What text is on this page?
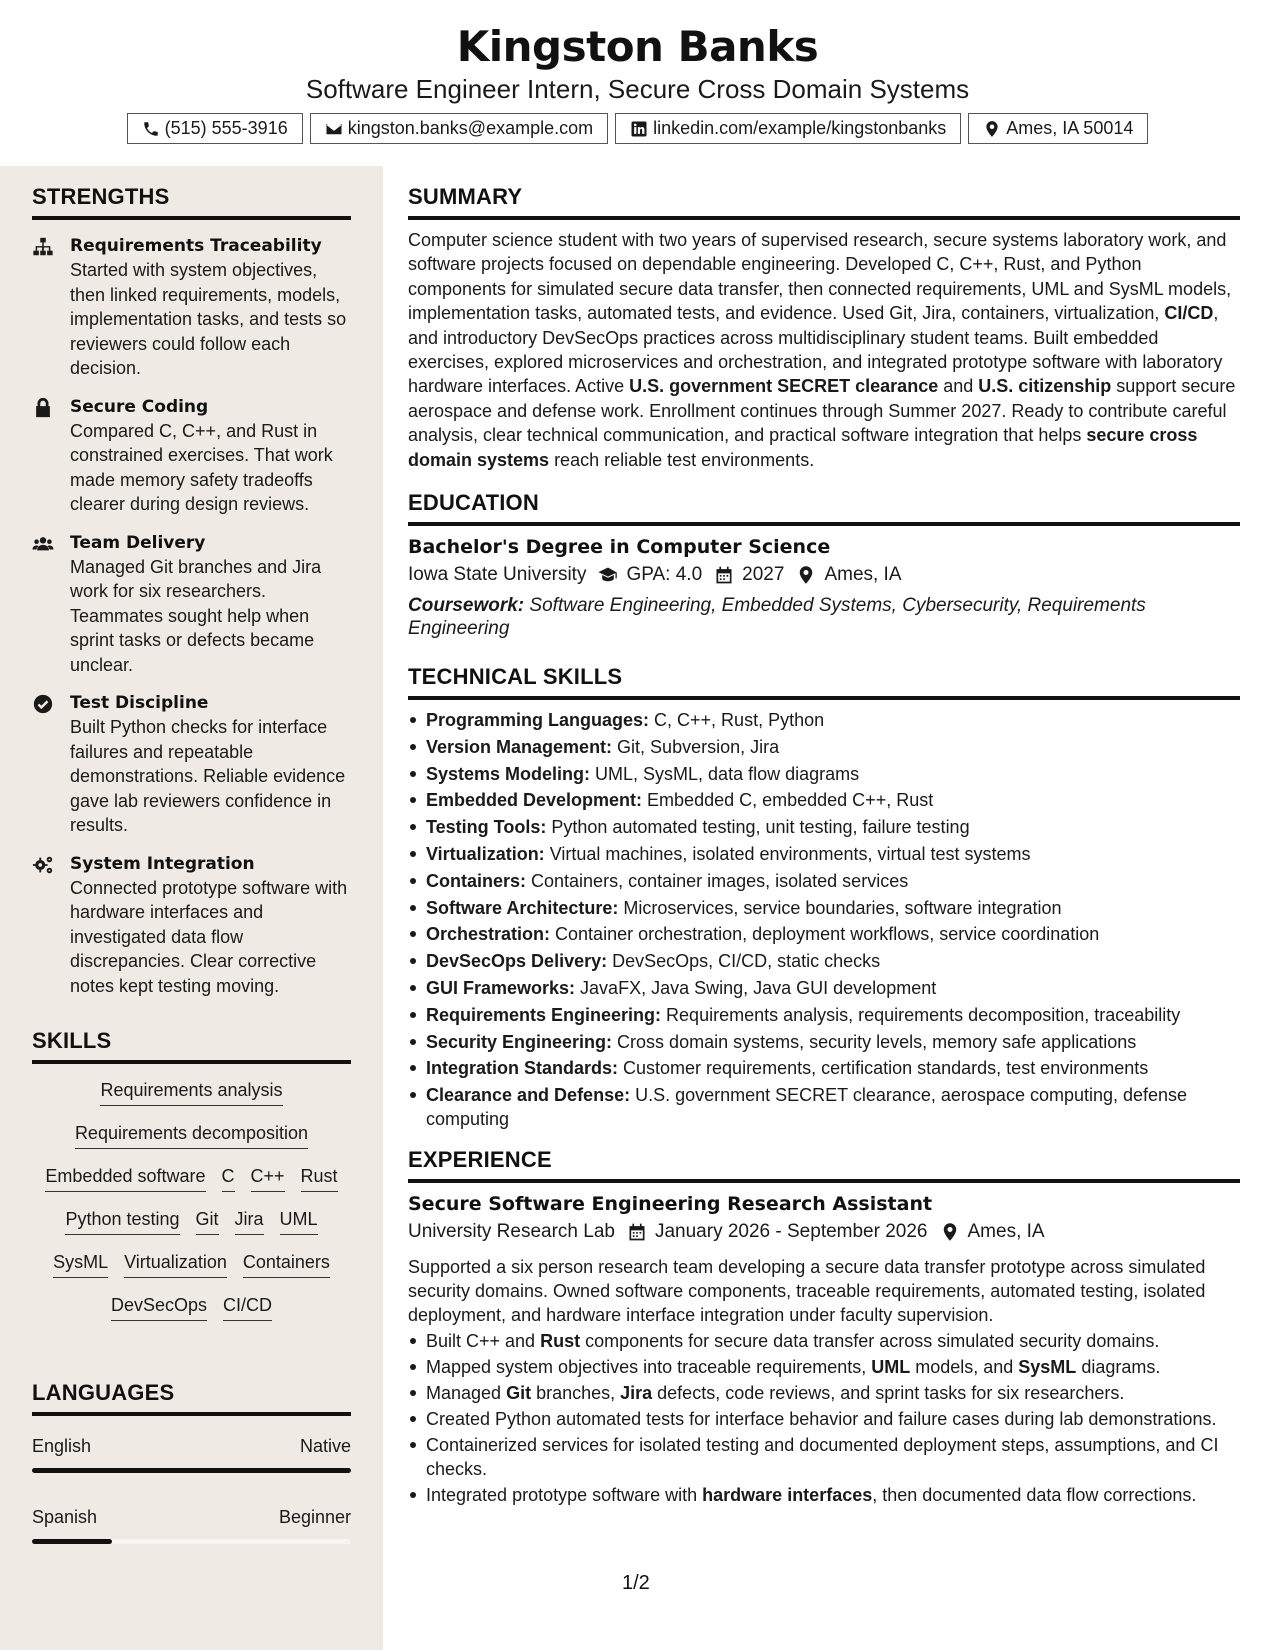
Kingston Banks
Software Engineer Intern, Secure Cross Domain Systems
(515) 555-3916	kingston.banks@example.com	linkedin.com/example/kingstonbanks	Ames, IA 50014
STRENGTHS
Requirements Traceability
Started with system objectives, then linked requirements, models, implementation tasks, and tests so reviewers could follow each decision.
Secure Coding
Compared C, C++, and Rust in constrained exercises. That work made memory safety tradeoffs clearer during design reviews.
Team Delivery
Managed Git branches and Jira work for six researchers. Teammates sought help when sprint tasks or defects became unclear.
Test Discipline
Built Python checks for interface failures and repeatable demonstrations. Reliable evidence gave lab reviewers confidence in results.
System Integration
Connected prototype software with hardware interfaces and investigated data flow discrepancies. Clear corrective notes kept testing moving.
SKILLS
Requirements analysis
Requirements decomposition
Embedded software C C++ Rust
Python testing Git Jira UML
SysML Virtualization Containers
DevSecOps CI/CD
LANGUAGES
English	Native
Spanish	Beginner
SUMMARY
Computer science student with two years of supervised research, secure systems laboratory work, and software projects focused on dependable engineering. Developed C, C++, Rust, and Python components for simulated secure data transfer, then connected requirements, UML and SysML models, implementation tasks, automated tests, and evidence. Used Git, Jira, containers, virtualization, CI/CD, and introductory DevSecOps practices across multidisciplinary student teams. Built embedded exercises, explored microservices and orchestration, and integrated prototype software with laboratory hardware interfaces. Active U.S. government SECRET clearance and U.S. citizenship support secure aerospace and defense work. Enrollment continues through Summer 2027. Ready to contribute careful analysis, clear technical communication, and practical software integration that helps secure cross domain systems reach reliable test environments.
EDUCATION
Bachelor's Degree in Computer Science
Iowa State University GPA: 4.0 2027 Ames, IA
Coursework: Software Engineering, Embedded Systems, Cybersecurity, Requirements Engineering
TECHNICAL SKILLS
Programming Languages: C, C++, Rust, Python
Version Management: Git, Subversion, Jira
Systems Modeling: UML, SysML, data flow diagrams
Embedded Development: Embedded C, embedded C++, Rust
Testing Tools: Python automated testing, unit testing, failure testing
Virtualization: Virtual machines, isolated environments, virtual test systems
Containers: Containers, container images, isolated services
Software Architecture: Microservices, service boundaries, software integration
Orchestration: Container orchestration, deployment workflows, service coordination
DevSecOps Delivery: DevSecOps, CI/CD, static checks
GUI Frameworks: JavaFX, Java Swing, Java GUI development
Requirements Engineering: Requirements analysis, requirements decomposition, traceability
Security Engineering: Cross domain systems, security levels, memory safe applications
Integration Standards: Customer requirements, certification standards, test environments
Clearance and Defense: U.S. government SECRET clearance, aerospace computing, defense computing
EXPERIENCE
Secure Software Engineering Research Assistant
University Research Lab January 2026 - September 2026 Ames, IA
Supported a six person research team developing a secure data transfer prototype across simulated security domains. Owned software components, traceable requirements, automated testing, isolated deployment, and hardware interface integration under faculty supervision.
Built C++ and Rust components for secure data transfer across simulated security domains.
Mapped system objectives into traceable requirements, UML models, and SysML diagrams.
Managed Git branches, Jira defects, code reviews, and sprint tasks for six researchers.
Created Python automated tests for interface behavior and failure cases during lab demonstrations.
Containerized services for isolated testing and documented deployment steps, assumptions, and CI checks.
Integrated prototype software with hardware interfaces, then documented data flow corrections.
1/2
